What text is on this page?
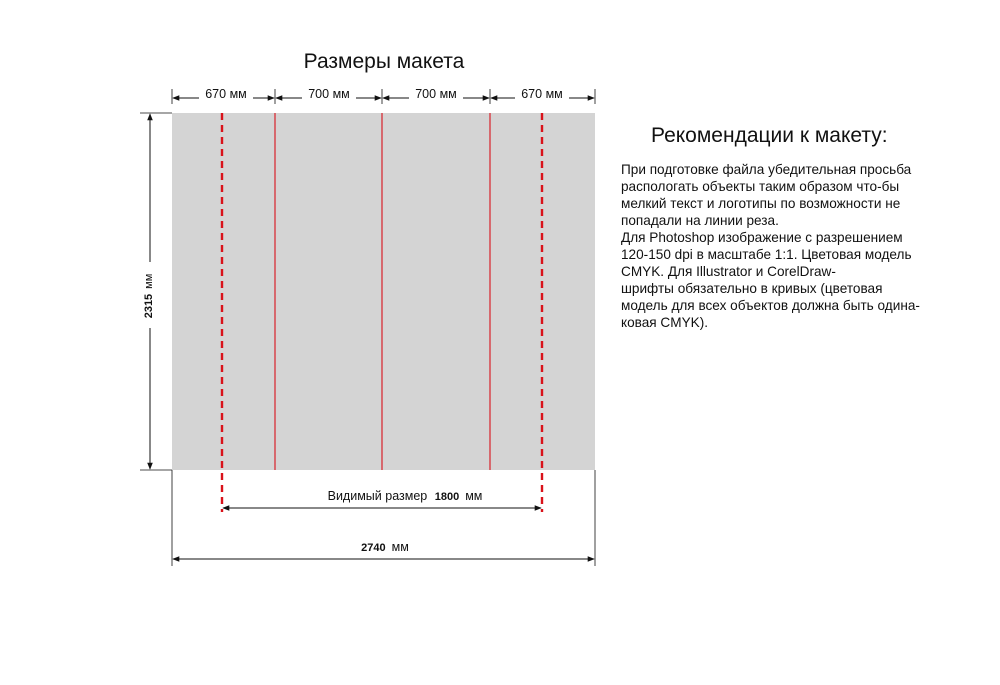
Размеры макета
670 мм	700 мм	700 мм	670 мм
2315мм
Видимый размер 1800 мм
2740 мм
Рекомендации к макету:
При подготовке файла убедительная просьба
распологать объекты таким образом что-бы
мелкий текст и логотипы по возможности не
попадали на линии реза.
Для Photoshop изображение с разрешением
120-150 dpi в масштабе 1:1. Цветовая модель
CMYK. Для Illustrator и CorelDraw-
шрифты обязательно в кривых (цветовая
модель для всех объектов должна быть одина-
ковая CMYK).
